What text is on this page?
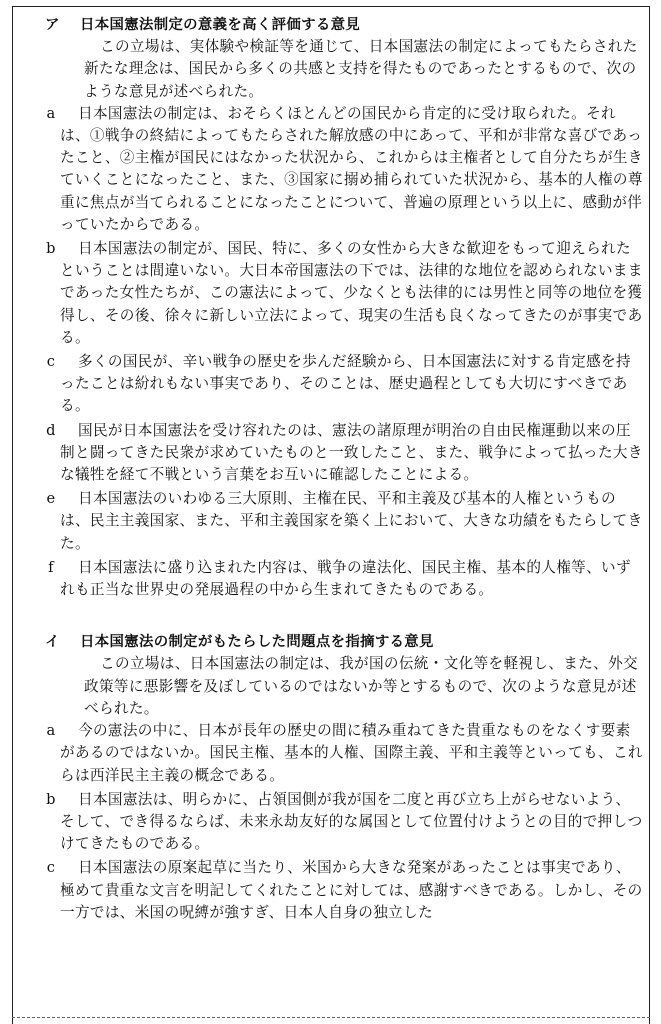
ア 日本国憲法制定の意義を高く評価する意見

この立場は、実体験や検証等を通じて、日本国憲法の制定によってもたらされた新たな理念は、国民から多くの共感と支持を得たものであったとするもので、次のような意見が述べられた。

a	日本国憲法の制定は、おそらくほとんどの国民から肯定的に受け取られた。それは、①戦争の終結によってもたらされた解放感の中にあって、平和が非常な喜びであったこと、②主権が国民にはなかった状況から、これからは主権者として自分たちが生きていくことになったこと、また、③国家に搦め捕られていた状況から、基本的人権の尊重に焦点が当てられることになったことについて、普遍の原理という以上に、感動が伴っていたからである。
b	日本国憲法の制定が、国民、特に、多くの女性から大きな歓迎をもって迎えられたということは間違いない。大日本帝国憲法の下では、法律的な地位を認められないままであった女性たちが、この憲法によって、少なくとも法律的には男性と同等の地位を獲得し、その後、徐々に新しい立法によって、現実の生活も良くなってきたのが事実である。
c	多くの国民が、辛い戦争の歴史を歩んだ経験から、日本国憲法に対する肯定感を持ったことは紛れもない事実であり、そのことは、歴史過程としても大切にすべきである。
d	国民が日本国憲法を受け容れたのは、憲法の諸原理が明治の自由民権運動以来の圧制と闘ってきた民衆が求めていたものと一致したこと、また、戦争によって払った大きな犠牲を経て不戦という言葉をお互いに確認したことによる。
e	日本国憲法のいわゆる三大原則、主権在民、平和主義及び基本的人権というものは、民主主義国家、また、平和主義国家を築く上において、大きな功績をもたらしてきた。
f	日本国憲法に盛り込まれた内容は、戦争の違法化、国民主権、基本的人権等、いずれも正当な世界史の発展過程の中から生まれてきたものである。
イ 日本国憲法の制定がもたらした問題点を指摘する意見

この立場は、日本国憲法の制定は、我が国の伝統・文化等を軽視し、また、外交政策等に悪影響を及ぼしているのではないか等とするもので、次のような意見が述べられた。

a	今の憲法の中に、日本が長年の歴史の間に積み重ねてきた貴重なものをなくす要素があるのではないか。国民主権、基本的人権、国際主義、平和主義等といっても、これらは西洋民主主義の概念である。
b	日本国憲法は、明らかに、占領国側が我が国を二度と再び立ち上がらせないよう、そして、でき得るならば、未来永劫友好的な属国として位置付けようとの目的で押しつけてきたものである。
c	日本国憲法の原案起草に当たり、米国から大きな発案があったことは事実であり、極めて貴重な文言を明記してくれたことに対しては、感謝すべきである。しかし、その一方では、米国の呪縛が強すぎ、日本人自身の独立した
